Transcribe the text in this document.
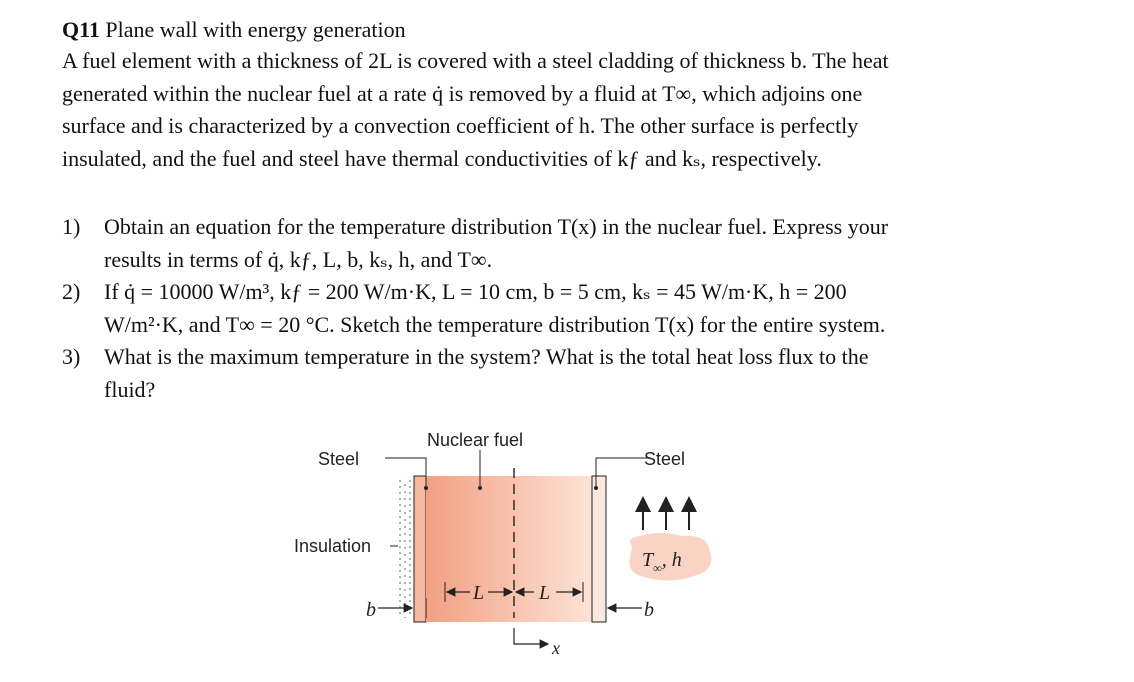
Q11 Plane wall with energy generation

A fuel element with a thickness of 2L is covered with a steel cladding of thickness b. The heat

generated within the nuclear fuel at a rate q̇ is removed by a fluid at T∞, which adjoins one

surface and is characterized by a convection coefficient of h. The other surface is perfectly

insulated, and the fuel and steel have thermal conductivities of kƒ and kₛ, respectively.

1)	Obtain an equation for the temperature distribution T(x) in the nuclear fuel. Express your
results in terms of q̇, kƒ, L, b, kₛ, h, and T∞.
2)	If q̇ = 10000 W/m³, kƒ = 200 W/m·K, L = 10 cm, b = 5 cm, kₛ = 45 W/m·K, h = 200
W/m²·K, and T∞ = 20 °C. Sketch the temperature distribution T(x) for the entire system.
3)	What is the maximum temperature in the system? What is the total heat loss flux to the
fluid?
Nuclear fuel
Steel	Steel
Insulation
$T_\infty$, h
b
L	L
b
x
